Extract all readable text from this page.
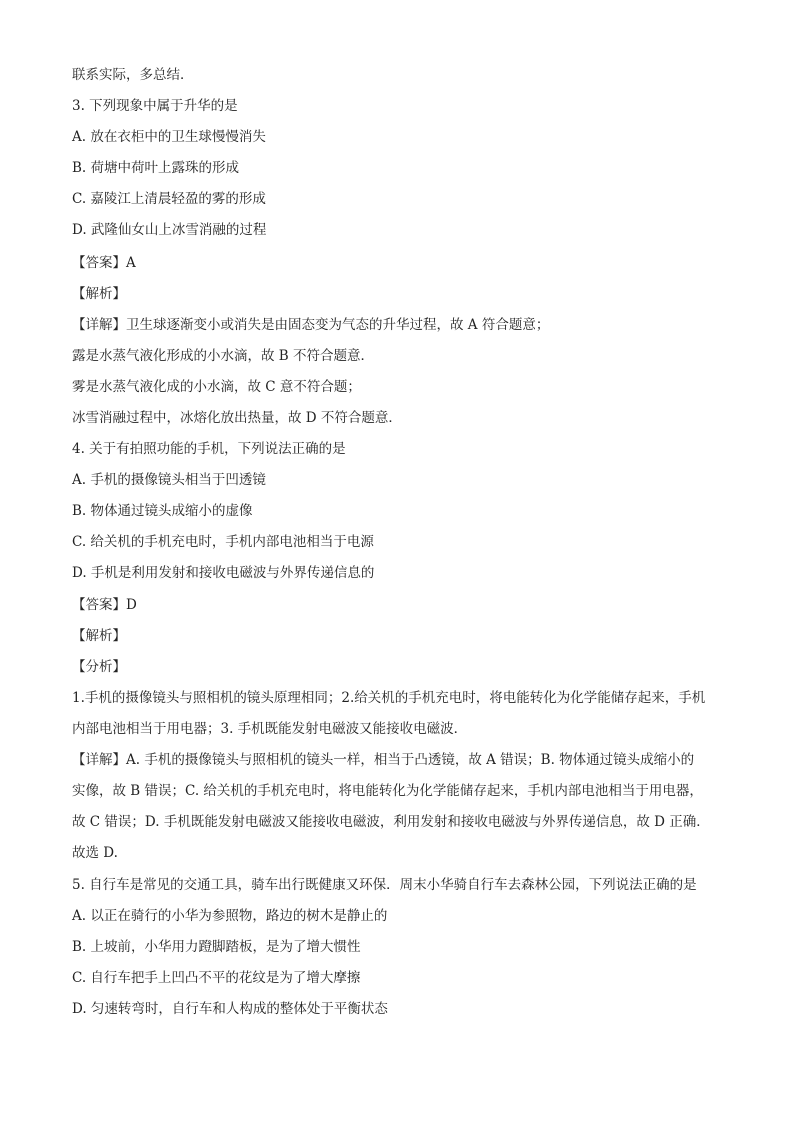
联系实际，多总结．
3. 下列现象中属于升华的是
A. 放在衣柜中的卫生球慢慢消失
B. 荷塘中荷叶上露珠的形成
C. 嘉陵江上清晨轻盈的雾的形成
D. 武隆仙女山上冰雪消融的过程
【答案】A
【解析】
【详解】卫生球逐渐变小或消失是由固态变为气态的升华过程，故 A 符合题意；
露是水蒸气液化形成的小水滴，故 B 不符合题意．
雾是水蒸气液化成的小水滴，故 C 意不符合题；
冰雪消融过程中，冰熔化放出热量，故 D 不符合题意．
4. 关于有拍照功能的手机，下列说法正确的是
A. 手机的摄像镜头相当于凹透镜
B. 物体通过镜头成缩小的虚像
C. 给关机的手机充电时，手机内部电池相当于电源
D. 手机是利用发射和接收电磁波与外界传递信息的
【答案】D
【解析】
【分析】
1.手机的摄像镜头与照相机的镜头原理相同；2.给关机的手机充电时，将电能转化为化学能储存起来，手机
内部电池相当于用电器；3. 手机既能发射电磁波又能接收电磁波．
【详解】A. 手机的摄像镜头与照相机的镜头一样，相当于凸透镜，故 A 错误；B. 物体通过镜头成缩小的
实像，故 B 错误；C. 给关机的手机充电时，将电能转化为化学能储存起来，手机内部电池相当于用电器，
故 C 错误；D. 手机既能发射电磁波又能接收电磁波，利用发射和接收电磁波与外界传递信息，故 D 正确．
故选 D.
5. 自行车是常见的交通工具，骑车出行既健康又环保．周末小华骑自行车去森林公园，下列说法正确的是
A. 以正在骑行的小华为参照物，路边的树木是静止的
B. 上坡前，小华用力蹬脚踏板，是为了增大惯性
C. 自行车把手上凹凸不平的花纹是为了增大摩擦
D. 匀速转弯时，自行车和人构成的整体处于平衡状态
